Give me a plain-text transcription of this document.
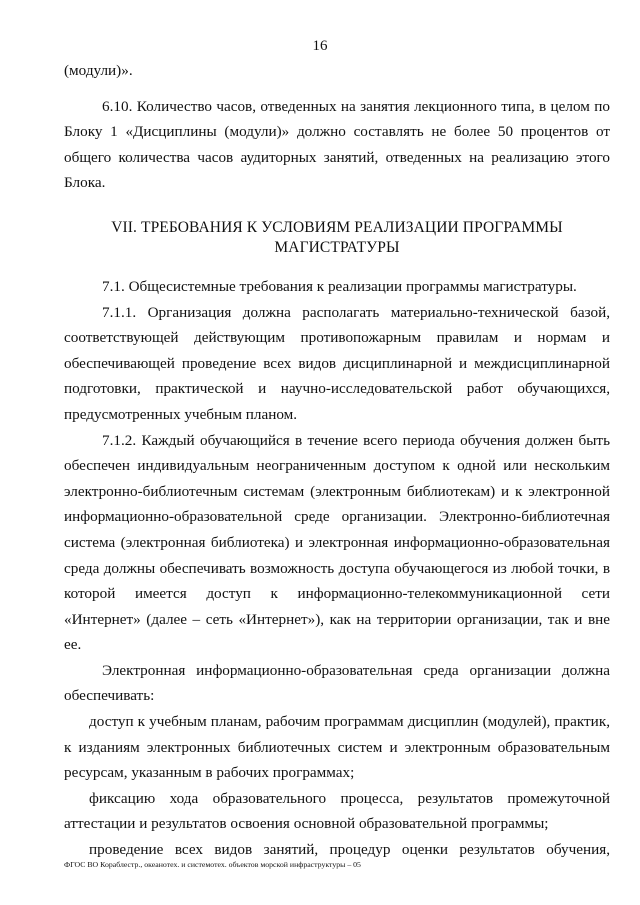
16

(модули)».

6.10. Количество часов, отведенных на занятия лекционного типа, в целом по Блоку 1 «Дисциплины (модули)» должно составлять не более 50 процентов от общего количества часов аудиторных занятий, отведенных на реализацию этого Блока.

VII. ТРЕБОВАНИЯ К УСЛОВИЯМ РЕАЛИЗАЦИИ ПРОГРАММЫ
МАГИСТРАТУРЫ

7.1. Общесистемные требования к реализации программы магистратуры.

7.1.1. Организация должна располагать материально-технической базой, соответствующей действующим противопожарным правилам и нормам и обеспечивающей проведение всех видов дисциплинарной и междисциплинарной подготовки, практической и научно-исследовательской работ обучающихся, предусмотренных учебным планом.

7.1.2. Каждый обучающийся в течение всего периода обучения должен быть обеспечен индивидуальным неограниченным доступом к одной или нескольким электронно-библиотечным системам (электронным библиотекам) и к электронной информационно-образовательной среде организации. Электронно-библиотечная система (электронная библиотека) и электронная информационно-образовательная среда должны обеспечивать возможность доступа обучающегося из любой точки, в которой имеется доступ к информационно-телекоммуникационной сети «Интернет» (далее – сеть «Интернет»), как на территории организации, так и вне ее.

Электронная информационно-образовательная среда организации должна обеспечивать:

доступ к учебным планам, рабочим программам дисциплин (модулей), практик, к изданиям электронных библиотечных систем и электронным образовательным ресурсам, указанным в рабочих программах;

фиксацию хода образовательного процесса, результатов промежуточной аттестации и результатов освоения основной образовательной программы;

проведение всех видов занятий, процедур оценки результатов обучения,

ФГОС ВО Кораблестр., океанотех. и системотех. объектов морской инфраструктуры – 05
